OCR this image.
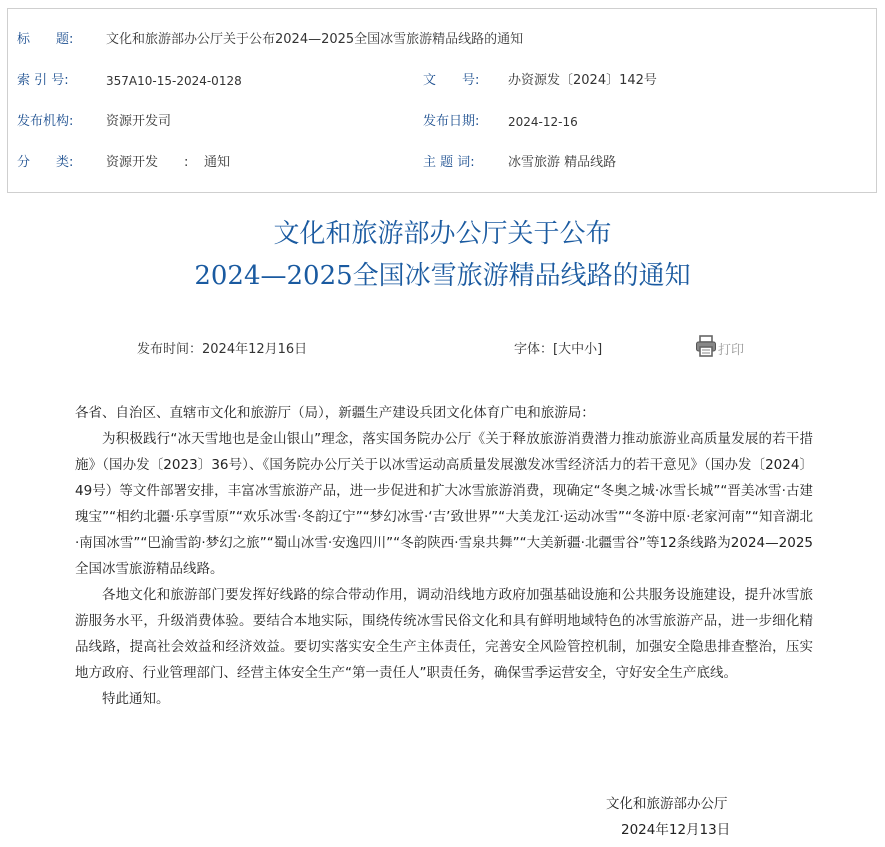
标　　题:	文化和旅游部办公厅关于公布2024—2025全国冰雪旅游精品线路的通知
索 引 号:	357A10-15-2024-0128	文　　号:	办资源发〔2024〕142号
发布机构:	资源开发司	发布日期:	2024-12-16
分　　类:	资源开发 : 通知	主 题 词:	冰雪旅游 精品线路
文化和旅游部办公厅关于公布
2024—2025全国冰雪旅游精品线路的通知
发布时间：2024年12月16日	字体：[大中小]	打印

各省、自治区、直辖市文化和旅游厅（局），新疆生产建设兵团文化体育广电和旅游局：

为积极践行“冰天雪地也是金山银山”理念，落实国务院办公厅《关于释放旅游消费潜力推动旅游业高质量发展的若干措施》（国办发〔2023〕36号）、《国务院办公厅关于以冰雪运动高质量发展激发冰雪经济活力的若干意见》（国办发〔2024〕49号）等文件部署安排，丰富冰雪旅游产品，进一步促进和扩大冰雪旅游消费，现确定“冬奥之城·冰雪长城”“晋美冰雪·古建瑰宝”“相约北疆·乐享雪原”“欢乐冰雪·冬韵辽宁”“梦幻冰雪·‘吉’致世界”“大美龙江·运动冰雪”“冬游中原·老家河南”“知音湖北·南国冰雪”“巴渝雪韵·梦幻之旅”“蜀山冰雪·安逸四川”“冬韵陕西·雪泉共舞”“大美新疆·北疆雪谷”等12条线路为2024—2025全国冰雪旅游精品线路。

各地文化和旅游部门要发挥好线路的综合带动作用，调动沿线地方政府加强基础设施和公共服务设施建设，提升冰雪旅游服务水平，升级消费体验。要结合本地实际，围绕传统冰雪民俗文化和具有鲜明地域特色的冰雪旅游产品，进一步细化精品线路，提高社会效益和经济效益。要切实落实安全生产主体责任，完善安全风险管控机制，加强安全隐患排查整治，压实地方政府、行业管理部门、经营主体安全生产“第一责任人”职责任务，确保雪季运营安全，守好安全生产底线。

特此通知。

文化和旅游部办公厅
2024年12月13日
